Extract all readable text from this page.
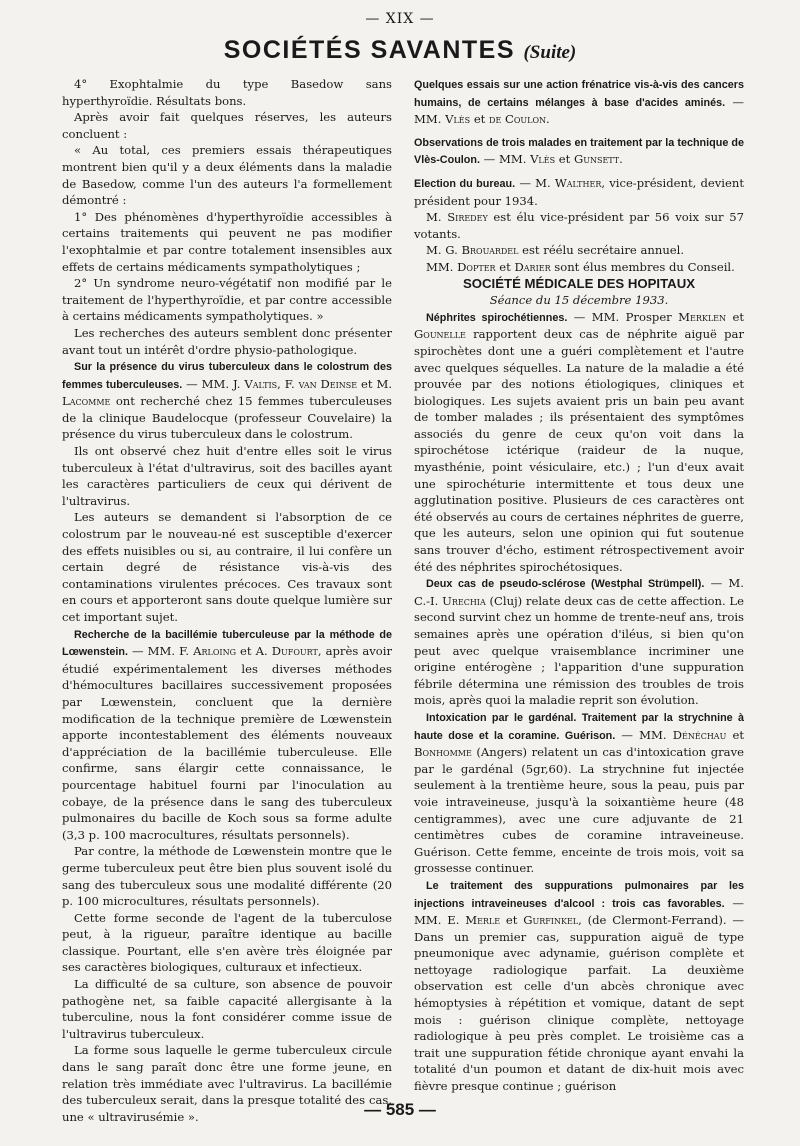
— XIX —
SOCIÉTÉS SAVANTES (Suite)

4° Exophtalmie du type Basedow sans hyperthyroïdie. Résultats bons.

Après avoir fait quelques réserves, les auteurs concluent :

« Au total, ces premiers essais thérapeutiques montrent bien qu'il y a deux éléments dans la maladie de Basedow, comme l'un des auteurs l'a formellement démontré :

1° Des phénomènes d'hyperthyroïdie accessibles à certains traitements qui peuvent ne pas modifier l'exophtalmie et par contre totalement insensibles aux effets de certains médicaments sympatholytiques ;

2° Un syndrome neuro-végétatif non modifié par le traitement de l'hyperthyroïdie, et par contre accessible à certains médicaments sympatholytiques. »

Les recherches des auteurs semblent donc présenter avant tout un intérêt d'ordre physio-pathologique.

Sur la présence du virus tuberculeux dans le colostrum des femmes tuberculeuses. — MM. J. Valtis, F. van Deinse et M. Lacomme ont recherché chez 15 femmes tuberculeuses de la clinique Baudelocque (professeur Couvelaire) la présence du virus tuberculeux dans le colostrum.

Ils ont observé chez huit d'entre elles soit le virus tuberculeux à l'état d'ultravirus, soit des bacilles ayant les caractères particuliers de ceux qui dérivent de l'ultravirus.

Les auteurs se demandent si l'absorption de ce colostrum par le nouveau-né est susceptible d'exercer des effets nuisibles ou si, au contraire, il lui confère un certain degré de résistance vis-à-vis des contaminations virulentes précoces. Ces travaux sont en cours et apporteront sans doute quelque lumière sur cet important sujet.

Recherche de la bacillémie tuberculeuse par la méthode de Lœwenstein. — MM. F. Arloing et A. Dufourt, après avoir étudié expérimentalement les diverses méthodes d'hémocultures bacillaires successivement proposées par Lœwenstein, concluent que la dernière modification de la technique première de Lœwenstein apporte incontestablement des éléments nouveaux d'appréciation de la bacillémie tuberculeuse. Elle confirme, sans élargir cette connaissance, le pourcentage habituel fourni par l'inoculation au cobaye, de la présence dans le sang des tuberculeux pulmonaires du bacille de Koch sous sa forme adulte (3,3 p. 100 macrocultures, résultats personnels).

Par contre, la méthode de Lœwenstein montre que le germe tuberculeux peut être bien plus souvent isolé du sang des tuberculeux sous une modalité différente (20 p. 100 microcultures, résultats personnels).

Cette forme seconde de l'agent de la tuberculose peut, à la rigueur, paraître identique au bacille classique. Pourtant, elle s'en avère très éloignée par ses caractères biologiques, culturaux et infectieux.

La difficulté de sa culture, son absence de pouvoir pathogène net, sa faible capacité allergisante à la tuberculine, nous la font considérer comme issue de l'ultravirus tuberculeux.

La forme sous laquelle le germe tuberculeux circule dans le sang paraît donc être une forme jeune, en relation très immédiate avec l'ultravirus. La bacillémie des tuberculeux serait, dans la presque totalité des cas, une « ultravirusémie ».

Quelques essais sur une action frénatrice vis-à-vis des cancers humains, de certains mélanges à base d'acides aminés. — MM. Vlès et de Coulon.

Observations de trois malades en traitement par la technique de Vlès-Coulon. — MM. Vlès et Gunsett.

Election du bureau. — M. Walther, vice-président, devient président pour 1934.

M. Siredey est élu vice-président par 56 voix sur 57 votants.

M. G. Brouardel est réélu secrétaire annuel.

MM. Dopter et Darier sont élus membres du Conseil.

SOCIÉTÉ MÉDICALE DES HOPITAUX

Séance du 15 décembre 1933.

Néphrites spirochétiennes. — MM. Prosper Merklen et Gounelle rapportent deux cas de néphrite aiguë par spirochètes dont une a guéri complètement et l'autre avec quelques séquelles. La nature de la maladie a été prouvée par des notions étiologiques, cliniques et biologiques. Les sujets avaient pris un bain peu avant de tomber malades ; ils présentaient des symptômes associés du genre de ceux qu'on voit dans la spirochétose ictérique (raideur de la nuque, myasthénie, point vésiculaire, etc.) ; l'un d'eux avait une spirochéturie intermittente et tous deux une agglutination positive. Plusieurs de ces caractères ont été observés au cours de certaines néphrites de guerre, que les auteurs, selon une opinion qui fut soutenue sans trouver d'écho, estiment rétrospectivement avoir été des néphrites spirochétosiques.

Deux cas de pseudo-sclérose (Westphal Strümpell). — M. C.-I. Urechia (Cluj) relate deux cas de cette affection. Le second survint chez un homme de trente-neuf ans, trois semaines après une opération d'iléus, si bien qu'on peut avec quelque vraisemblance incriminer une origine entérogène ; l'apparition d'une suppuration fébrile détermina une rémission des troubles de trois mois, après quoi la maladie reprit son évolution.

Intoxication par le gardénal. Traitement par la strychnine à haute dose et la coramine. Guérison. — MM. Dénéchau et Bonhomme (Angers) relatent un cas d'intoxication grave par le gardénal (5gr,60). La strychnine fut injectée seulement à la trentième heure, sous la peau, puis par voie intraveineuse, jusqu'à la soixantième heure (48 centigrammes), avec une cure adjuvante de 21 centimètres cubes de coramine intraveineuse. Guérison. Cette femme, enceinte de trois mois, voit sa grossesse continuer.

Le traitement des suppurations pulmonaires par les injections intraveineuses d'alcool : trois cas favorables. — MM. E. Merle et Gurfinkel, (de Clermont-Ferrand). — Dans un premier cas, suppuration aiguë de type pneumonique avec adynamie, guérison complète et nettoyage radiologique parfait. La deuxième observation est celle d'un abcès chronique avec hémoptysies à répétition et vomique, datant de sept mois : guérison clinique complète, nettoyage radiologique à peu près complet. Le troisième cas a trait une suppuration fétide chronique ayant envahi la totalité d'un poumon et datant de dix-huit mois avec fièvre presque continue ; guérison

— 585 —
